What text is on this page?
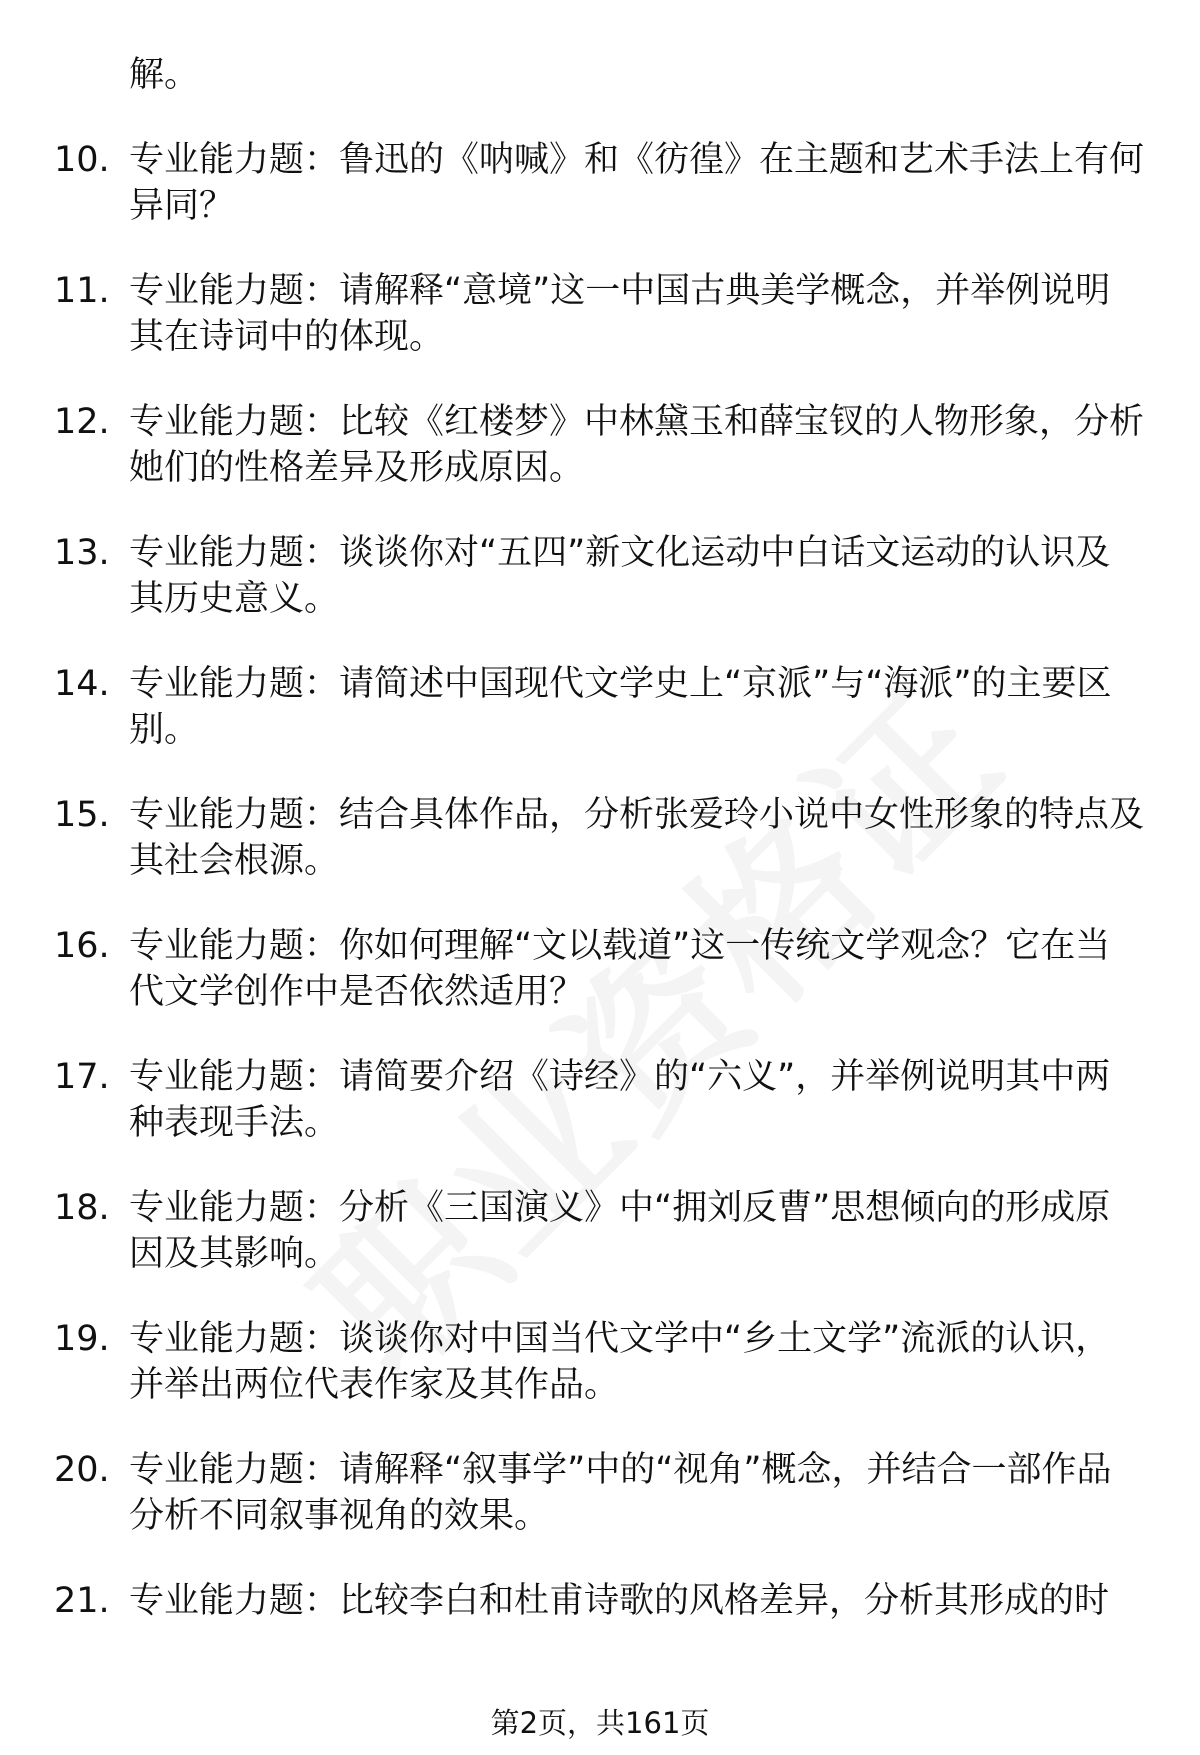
解。
10. 专业能力题：鲁迅的《呐喊》和《彷徨》在主题和艺术手法上有何异同？
11. 专业能力题：请解释“意境”这一中国古典美学概念，并举例说明其在诗词中的体现。
12. 专业能力题：比较《红楼梦》中林黛玉和薛宝钗的人物形象，分析她们的性格差异及形成原因。
13. 专业能力题：谈谈你对“五四”新文化运动中白话文运动的认识及其历史意义。
14. 专业能力题：请简述中国现代文学史上“京派”与“海派”的主要区别。
15. 专业能力题：结合具体作品，分析张爱玲小说中女性形象的特点及其社会根源。
16. 专业能力题：你如何理解“文以载道”这一传统文学观念？它在当代文学创作中是否依然适用？
17. 专业能力题：请简要介绍《诗经》的“六义”，并举例说明其中两种表现手法。
18. 专业能力题：分析《三国演义》中“拥刘反曹”思想倾向的形成原因及其影响。
19. 专业能力题：谈谈你对中国当代文学中“乡土文学”流派的认识，并举出两位代表作家及其作品。
20. 专业能力题：请解释“叙事学”中的“视角”概念，并结合一部作品分析不同叙事视角的效果。
21. 专业能力题：比较李白和杜甫诗歌的风格差异，分析其形成的时
第2页，共161页
